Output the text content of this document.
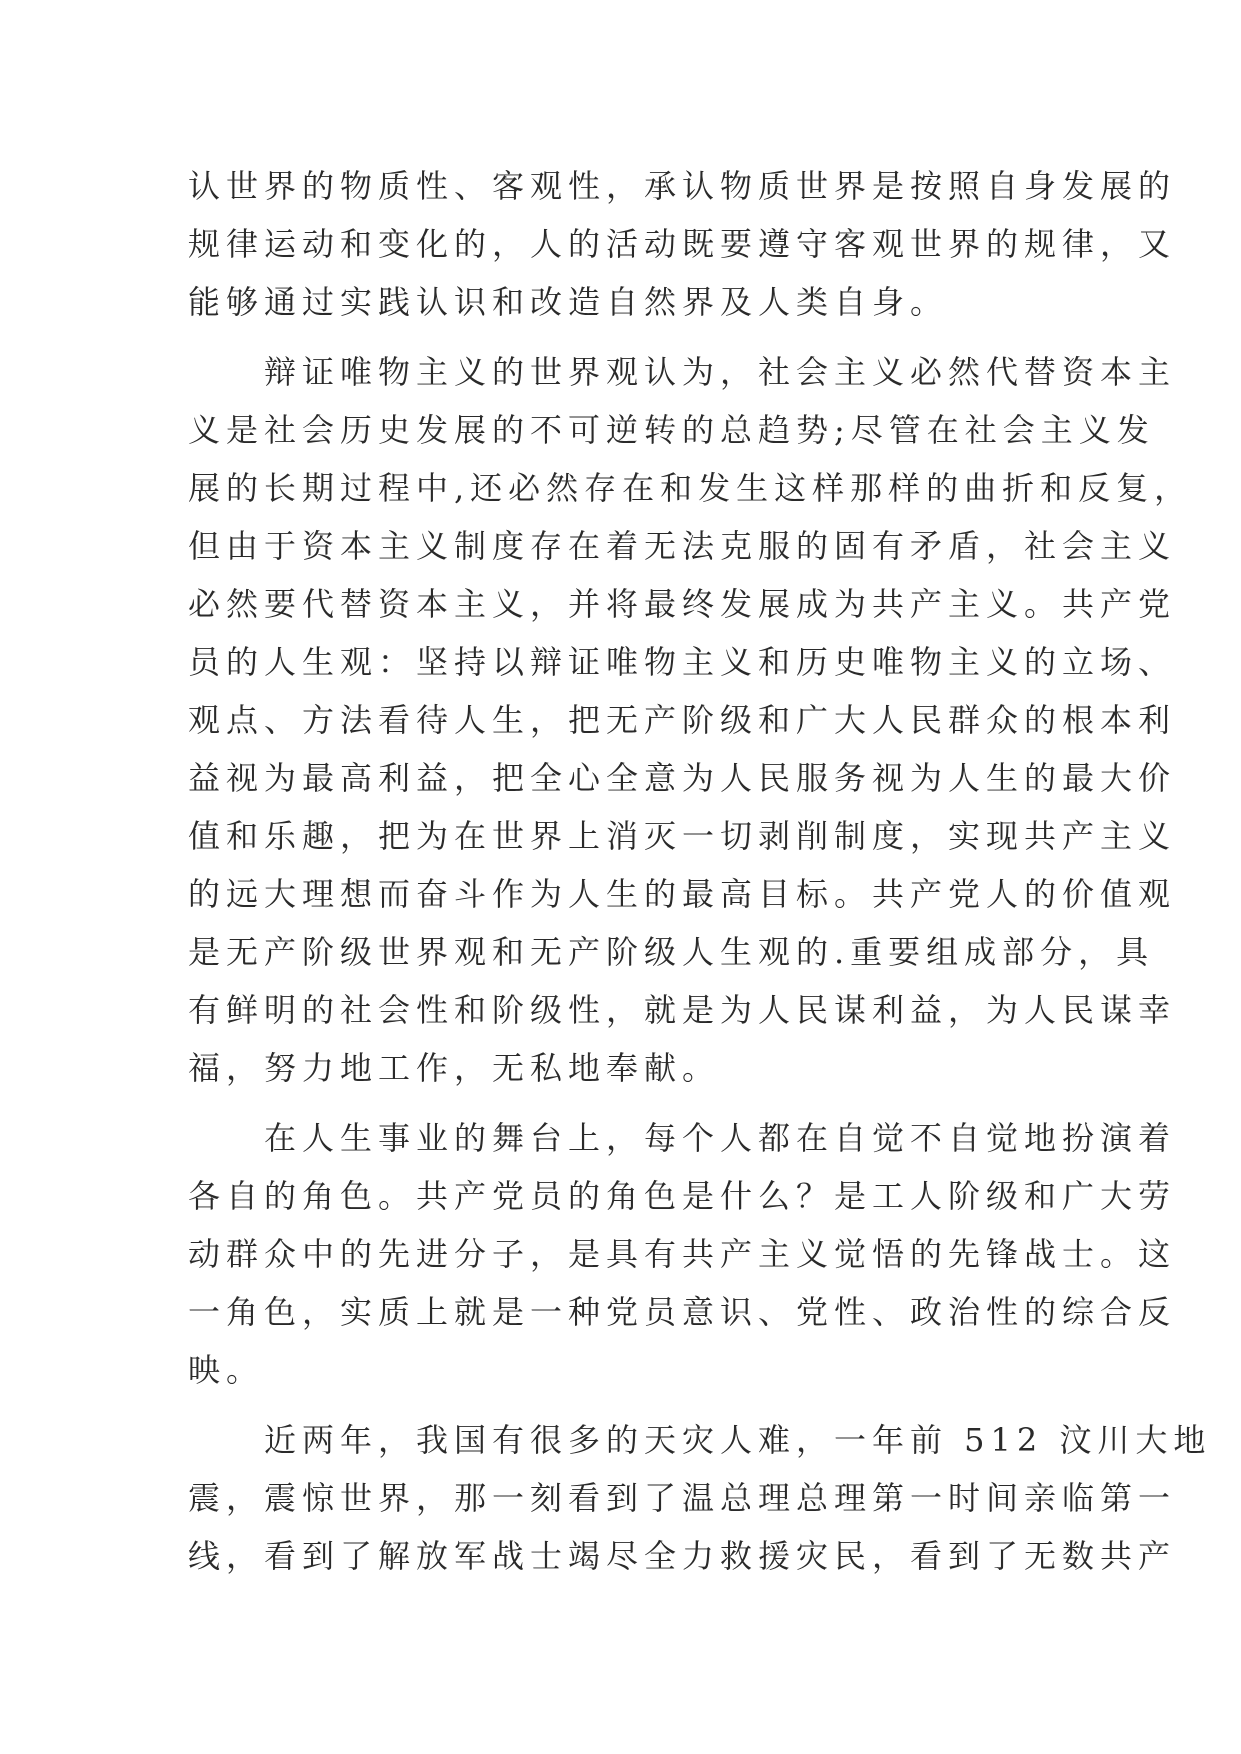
认世界的物质性、客观性，承认物质世界是按照自身发展的
规律运动和变化的，人的活动既要遵守客观世界的规律，又
能够通过实践认识和改造自然界及人类自身。
　　辩证唯物主义的世界观认为，社会主义必然代替资本主
义是社会历史发展的不可逆转的总趋势;尽管在社会主义发
展的长期过程中,还必然存在和发生这样那样的曲折和反复，
但由于资本主义制度存在着无法克服的固有矛盾，社会主义
必然要代替资本主义，并将最终发展成为共产主义。共产党
员的人生观：坚持以辩证唯物主义和历史唯物主义的立场、
观点、方法看待人生，把无产阶级和广大人民群众的根本利
益视为最高利益，把全心全意为人民服务视为人生的最大价
值和乐趣，把为在世界上消灭一切剥削制度，实现共产主义
的远大理想而奋斗作为人生的最高目标。共产党人的价值观
是无产阶级世界观和无产阶级人生观的.重要组成部分，具
有鲜明的社会性和阶级性，就是为人民谋利益，为人民谋幸
福，努力地工作，无私地奉献。
　　在人生事业的舞台上，每个人都在自觉不自觉地扮演着
各自的角色。共产党员的角色是什么？是工人阶级和广大劳
动群众中的先进分子，是具有共产主义觉悟的先锋战士。这
一角色，实质上就是一种党员意识、党性、政治性的综合反
映。
　　近两年，我国有很多的天灾人难，一年前 512 汶川大地
震，震惊世界，那一刻看到了温总理总理第一时间亲临第一
线，看到了解放军战士竭尽全力救援灾民，看到了无数共产
